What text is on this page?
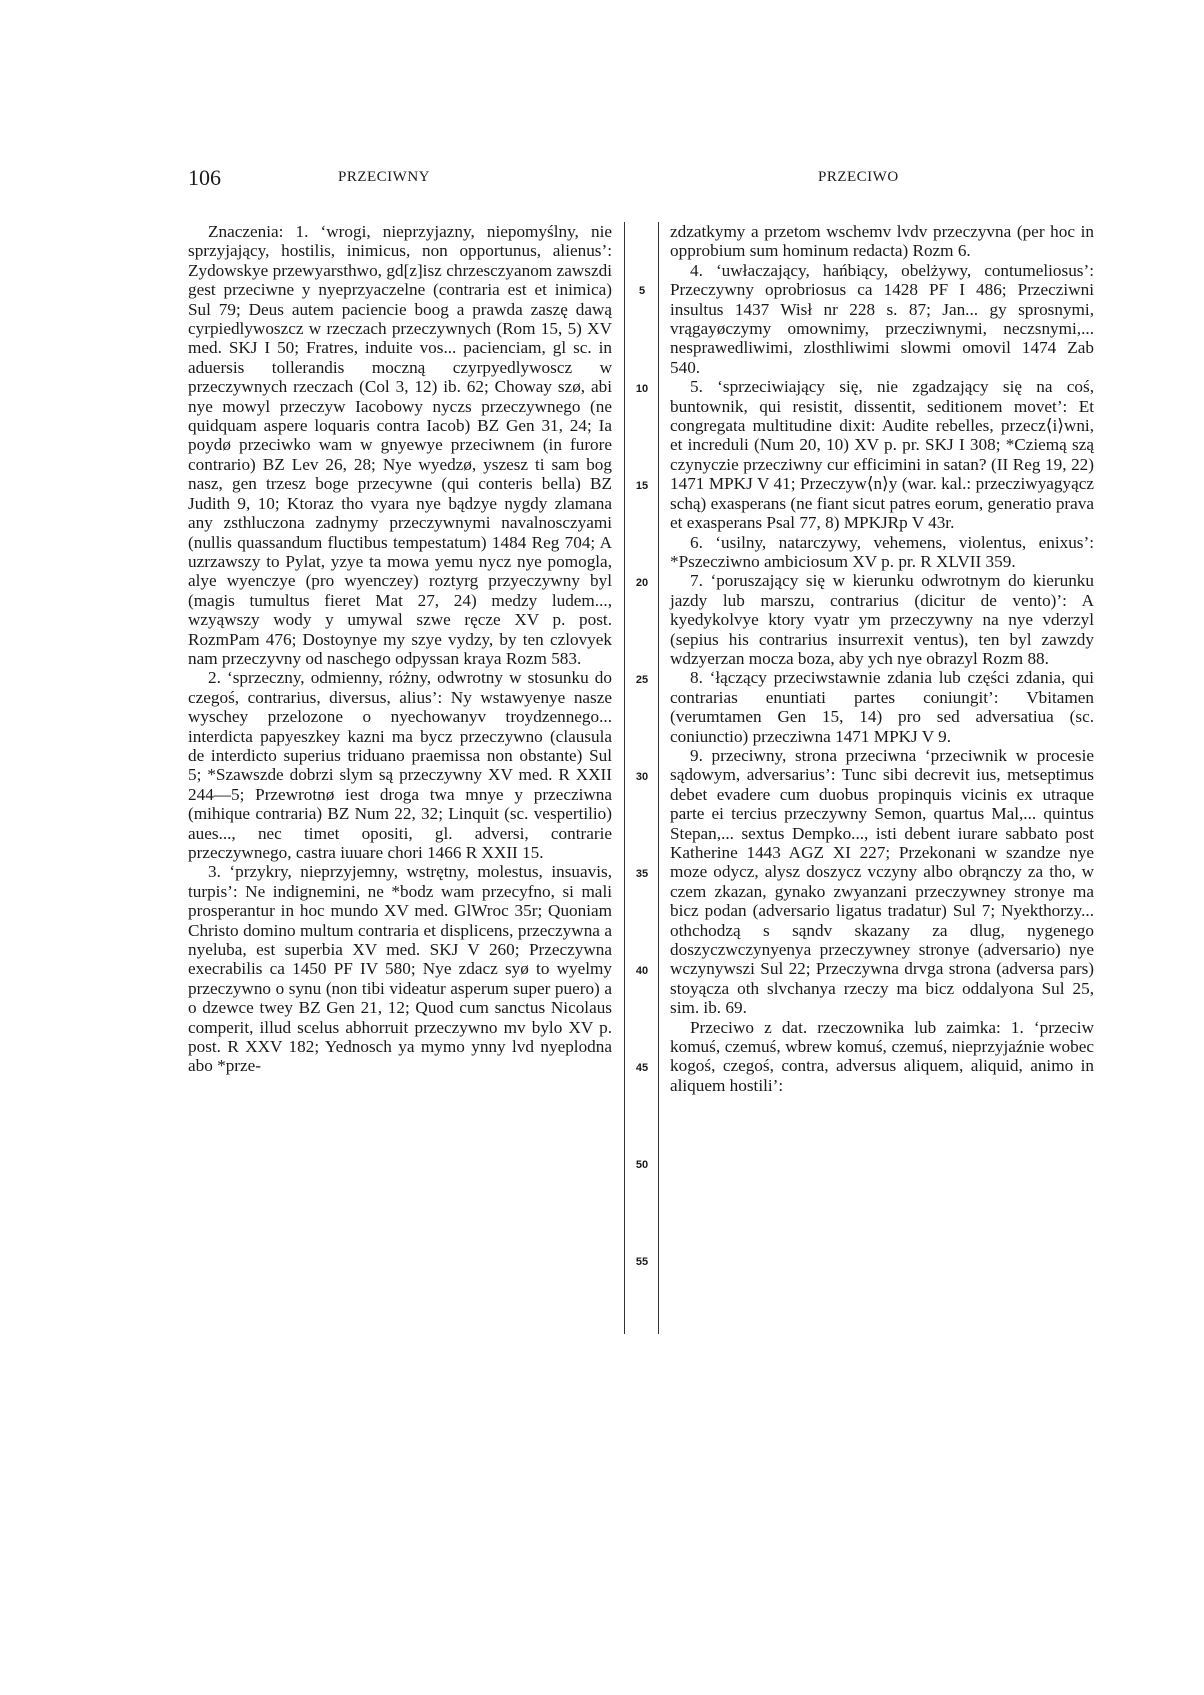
106	PRZECIWNY	PRZECIWO

Znaczenia: 1. ‘wrogi, nieprzyjazny, niepomyślny, nie sprzyjający, hostilis, inimicus, non opportunus, alienus’: Zydowskye przewyarsthwo, gd[z]isz chrzesczyanom zawszdi gest przeciwne y nyeprzyaczelne (contraria est et inimica) Sul 79; Deus autem paciencie boog a prawda zaszę dawą cyrpiedlywoszcz w rzeczach przeczywnych (Rom 15, 5) XV med. SKJ I 50; Fratres, induite vos... pacienciam, gl sc. in aduersis tollerandis moczną czyrpyedlywoscz w przeczywnych rzeczach (Col 3, 12) ib. 62; Choway szø, abi nye mowyl przeczyw Iacobowy nyczs przeczywnego (ne quidquam aspere loquaris contra Iacob) BZ Gen 31, 24; Ia poydø przeciwko wam w gnyewye przeciwnem (in furore contrario) BZ Lev 26, 28; Nye wyedzø, yszesz ti sam bog nasz, gen trzesz boge przecywne (qui conteris bella) BZ Judith 9, 10; Ktoraz tho vyara nye bądzye nygdy zlamana any zsthluczona zadnymy przeczywnymi navalnosczyami (nullis quassandum fluctibus tempestatum) 1484 Reg 704; A uzrzawszy to Pylat, yzye ta mowa yemu nycz nye pomogla, alye wyenczye (pro wyenczey) roztyrg przyeczywny byl (magis tumultus fieret Mat 27, 24) medzy ludem..., wzyąwszy wody y umywal szwe ręcze XV p. post. RozmPam 476; Dostoynye my szye vydzy, by ten czlovyek nam przeczyvny od naschego odpyssan kraya Rozm 583.

2. ‘sprzeczny, odmienny, różny, odwrotny w stosunku do czegoś, contrarius, diversus, alius’: Ny wstawyenye nasze wyschey przelozone o nyechowanyv troydzennego... interdicta papyeszkey kazni ma bycz przeczywno (clausula de interdicto superius triduano praemissa non obstante) Sul 5; *Szawszde dobrzi slym są przeczywny XV med. R XXII 244—5; Przewrotnø iest droga twa mnye y przecziwna (mihique contraria) BZ Num 22, 32; Linquit (sc. vespertilio) aues..., nec timet opositi, gl. adversi, contrarie przeczywnego, castra iuuare chori 1466 R XXII 15.

3. ‘przykry, nieprzyjemny, wstrętny, molestus, insuavis, turpis’: Ne indignemini, ne *bodz wam przecyfno, si mali prosperantur in hoc mundo XV med. GlWroc 35r; Quoniam Christo domino multum contraria et displicens, przeczywna a nyeluba, est superbia XV med. SKJ V 260; Przeczywna execrabilis ca 1450 PF IV 580; Nye zdacz syø to wyelmy przeczywno o synu (non tibi videatur asperum super puero) a o dzewce twey BZ Gen 21, 12; Quod cum sanctus Nicolaus comperit, illud scelus abhorruit przeczywno mv bylo XV p. post. R XXV 182; Yednosch ya mymo ynny lvd nyeplodna abo *prze-

5
10
15
20
25
30
35
40
45
50
55

zdzatkymy a przetom wschemv lvdv przeczyvna (per hoc in opprobium sum hominum redacta) Rozm 6.

4. ‘uwłaczający, hańbiący, obelżywy, contumeliosus’: Przeczywny oprobriosus ca 1428 PF I 486; Przecziwni insultus 1437 Wisł nr 228 s. 87; Jan... gy sprosnymi, vrągayøczymy omownimy, przecziwnymi, neczsnymi,... nesprawedliwimi, zlosthliwimi slowmi omovil 1474 Zab 540.

5. ‘sprzeciwiający się, nie zgadzający się na coś, buntownik, qui resistit, dissentit, seditionem movet’: Et congregata multitudine dixit: Audite rebelles, przecz⟨i⟩wni, et increduli (Num 20, 10) XV p. pr. SKJ I 308; *Cziemą szą czynyczie przecziwny cur efficimini in satan? (II Reg 19, 22) 1471 MPKJ V 41; Przeczyw⟨n⟩y (war. kal.: przecziwyagyącz schą) exasperans (ne fiant sicut patres eorum, generatio prava et exasperans Psal 77, 8) MPKJRp V 43r.

6. ‘usilny, natarczywy, vehemens, violentus, enixus’: *Pszecziwno ambiciosum XV p. pr. R XLVII 359.

7. ‘poruszający się w kierunku odwrotnym do kierunku jazdy lub marszu, contrarius (dicitur de vento)’: A kyedykolvye ktory vyatr ym przeczywny na nye vderzyl (sepius his contrarius insurrexit ventus), ten byl zawzdy wdzyerzan mocza boza, aby ych nye obrazyl Rozm 88.

8. ‘łączący przeciwstawnie zdania lub części zdania, qui contrarias enuntiati partes coniungit’: Vbitamen (verumtamen Gen 15, 14) pro sed adversatiua (sc. coniunctio) przecziwna 1471 MPKJ V 9.

9. przeciwny, strona przeciwna ‘przeciwnik w procesie sądowym, adversarius’: Tunc sibi decrevit ius, metseptimus debet evadere cum duobus propinquis vicinis ex utraque parte ei tercius przeczywny Semon, quartus Mal,... quintus Stepan,... sextus Dempko..., isti debent iurare sabbato post Katherine 1443 AGZ XI 227; Przekonani w szandze nye moze odycz, alysz doszycz vczyny albo obrąnczy za tho, w czem zkazan, gynako zwyanzani przeczywney stronye ma bicz podan (adversario ligatus tradatur) Sul 7; Nyekthorzy... othchodzą s sąndv skazany za dlug, nygenego doszyczwczynyenya przeczywney stronye (adversario) nye wczynywszi Sul 22; Przeczywna drvga strona (adversa pars) stoyącza oth slvchanya rzeczy ma bicz oddalyona Sul 25, sim. ib. 69.

Przeciwo z dat. rzeczownika lub zaimka: 1. ‘przeciw komuś, czemuś, wbrew komuś, czemuś, nieprzyjaźnie wobec kogoś, czegoś, contra, adversus aliquem, aliquid, animo in aliquem hostili’:
